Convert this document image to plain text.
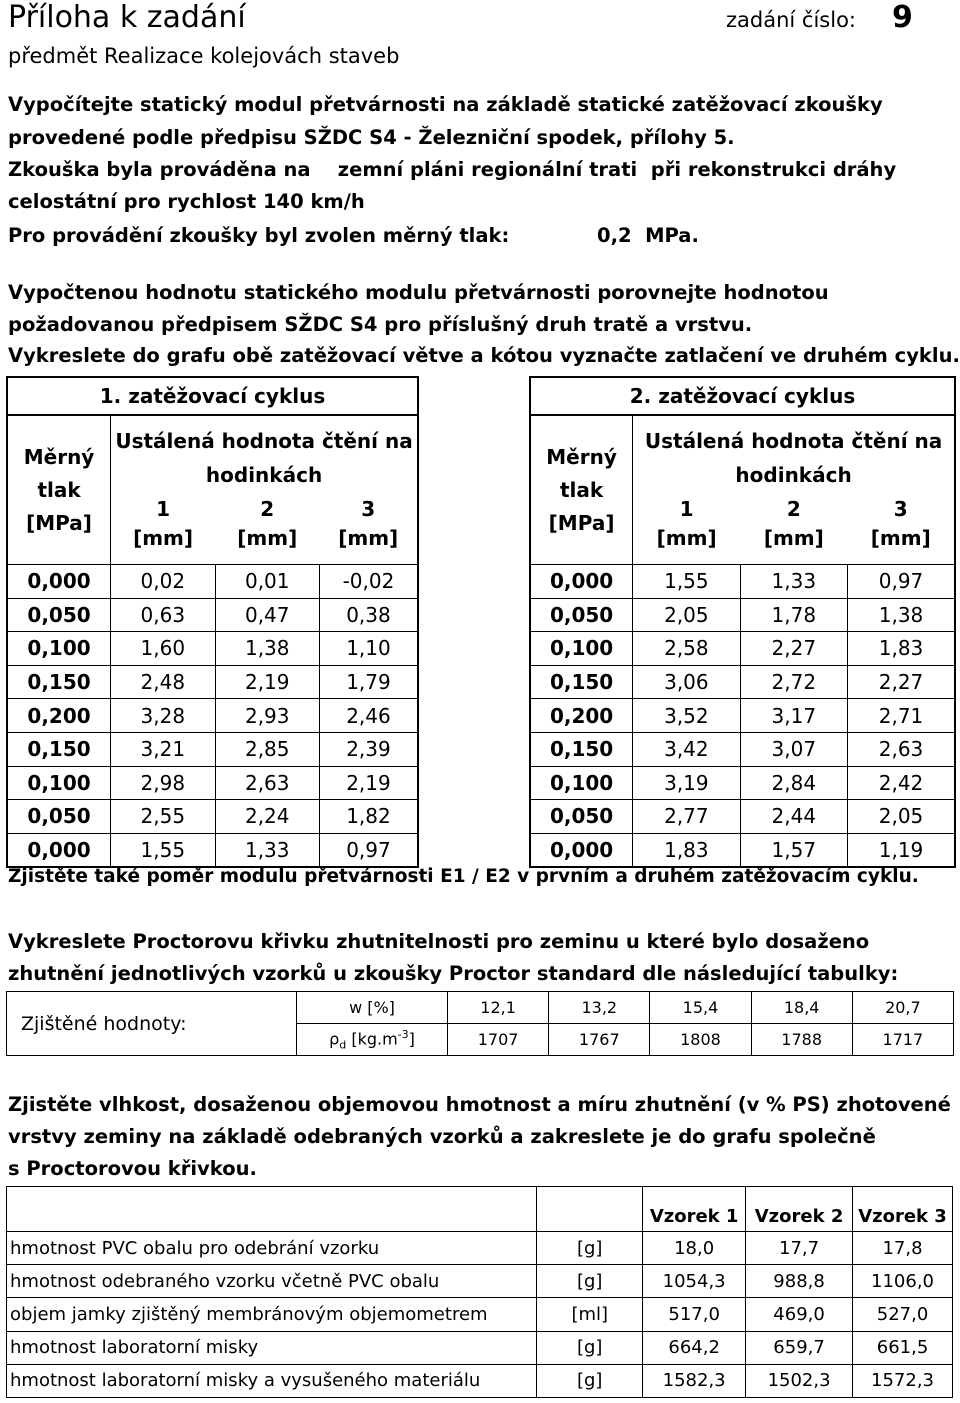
Příloha k zadání	zadání číslo: 9
předmět Realizace kolejovách staveb
Vypočítejte statický modul přetvárnosti na základě statické zatěžovací zkoušky
provedené podle předpisu SŽDC S4 - Železniční spodek, přílohy 5.
Zkouška byla prováděna na    zemní pláni regionální trati  při rekonstrukci dráhy
celostátní pro rychlost 140 km/h
Pro provádění zkoušky byl zvolen měrný tlak:	0,2  MPa.
Vypočtenou hodnotu statického modulu přetvárnosti porovnejte hodnotou
požadovanou předpisem SŽDC S4 pro příslušný druh tratě a vrstvu.
Vykreslete do grafu obě zatěžovací větve a kótou vyznačte zatlačení ve druhém cyklu.
1. zatěžovací cyklus			

Měrný
tlak
[MPa]	Ustálená hodnota čtění na		
	hodinkách		
	1	2	3
	[mm]	[mm]	[mm]
0,000	0,02	0,01	-0,02
0,050	0,63	0,47	0,38
0,100	1,60	1,38	1,10
0,150	2,48	2,19	1,79
0,200	3,28	2,93	2,46
0,150	3,21	2,85	2,39
0,100	2,98	2,63	2,19
0,050	2,55	2,24	1,82
0,000	1,55	1,33	0,97
2. zatěžovací cyklus			

Měrný
tlak
[MPa]	Ustálená hodnota čtění na		
	hodinkách		
	1	2	3
	[mm]	[mm]	[mm]
0,000	1,55	1,33	0,97
0,050	2,05	1,78	1,38
0,100	2,58	2,27	1,83
0,150	3,06	2,72	2,27
0,200	3,52	3,17	2,71
0,150	3,42	3,07	2,63
0,100	3,19	2,84	2,42
0,050	2,77	2,44	2,05
0,000	1,83	1,57	1,19
Zjistěte také poměr modulu přetvárnosti E1 / E2 v prvním a druhém zatěžovacím cyklu.
Vykreslete Proctorovu křivku zhutnitelnosti pro zeminu u které bylo dosaženo
zhutnění jednotlivých vzorků u zkoušky Proctor standard dle následující tabulky:
Zjištěné hodnoty:	w [%]	12,1	13,2	15,4	18,4	20,7
	$\rho_d$ $[kg.m^{-3}]$	1707	1767	1808	1788	1717
Zjistěte vlhkost, dosaženou objemovou hmotnost a míru zhutnění (v % PS) zhotovené
vrstvy zeminy na základě odebraných vzorků a zakreslete je do grafu společně
s Proctorovou křivkou.
		Vzorek 1	Vzorek 2	Vzorek 3
hmotnost PVC obalu pro odebrání vzorku	[g]	18,0	17,7	17,8
hmotnost odebraného vzorku včetně PVC obalu	[g]	1054,3	988,8	1106,0
objem jamky zjištěný membránovým objemometrem	[ml]	517,0	469,0	527,0
hmotnost laboratorní misky	[g]	664,2	659,7	661,5
hmotnost laboratorní misky a vysušeného materiálu	[g]	1582,3	1502,3	1572,3
